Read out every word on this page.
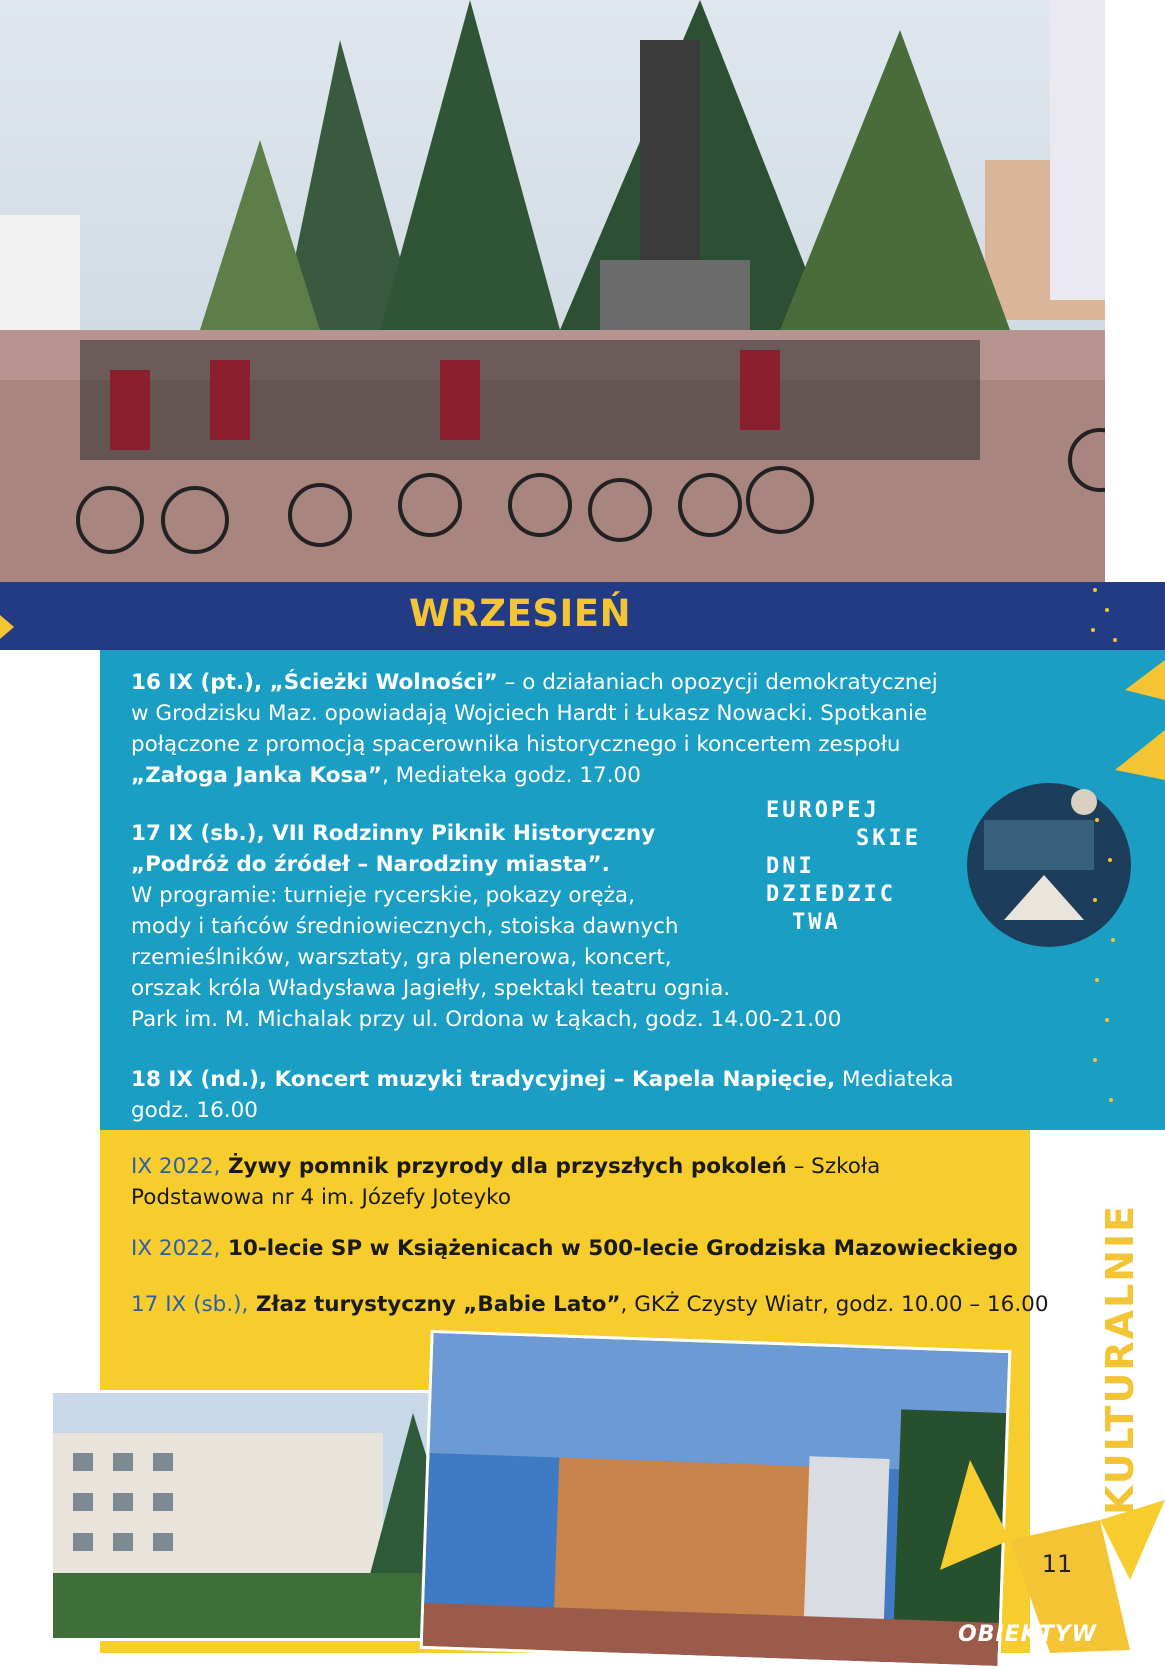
WRZESIEŃ
16 IX (pt.), „Ścieżki Wolności” – o działaniach opozycji demokratycznej
w Grodzisku Maz. opowiadają Wojciech Hardt i Łukasz Nowacki. Spotkanie
połączone z promocją spacerownika historycznego i koncertem zespołu
„Załoga Janka Kosa”, Mediateka godz. 17.00
17 IX (sb.), VII Rodzinny Piknik Historyczny
„Podróż do źródeł – Narodziny miasta”.
W programie: turnieje rycerskie, pokazy oręża,
mody i tańców średniowiecznych, stoiska dawnych
rzemieślników, warsztaty, gra plenerowa, koncert,
orszak króla Władysława Jagiełły, spektakl teatru ognia.
Park im. M. Michalak przy ul. Ordona w Łąkach, godz. 14.00-21.00
18 IX (nd.), Koncert muzyki tradycyjnej – Kapela Napięcie, Mediateka
godz. 16.00
EUROPEJ
SKIE
DNI
DZIEDZIC
TWA
IX 2022, Żywy pomnik przyrody dla przyszłych pokoleń – Szkoła
Podstawowa nr 4 im. Józefy Joteyko
IX 2022, 10-lecie SP w Książenicach w 500-lecie Grodziska Mazowieckiego
17 IX (sb.), Złaz turystyczny „Babie Lato”, GKŻ Czysty Wiatr, godz. 10.00 – 16.00 KULTURALNIE
11
OBIEKTYW
